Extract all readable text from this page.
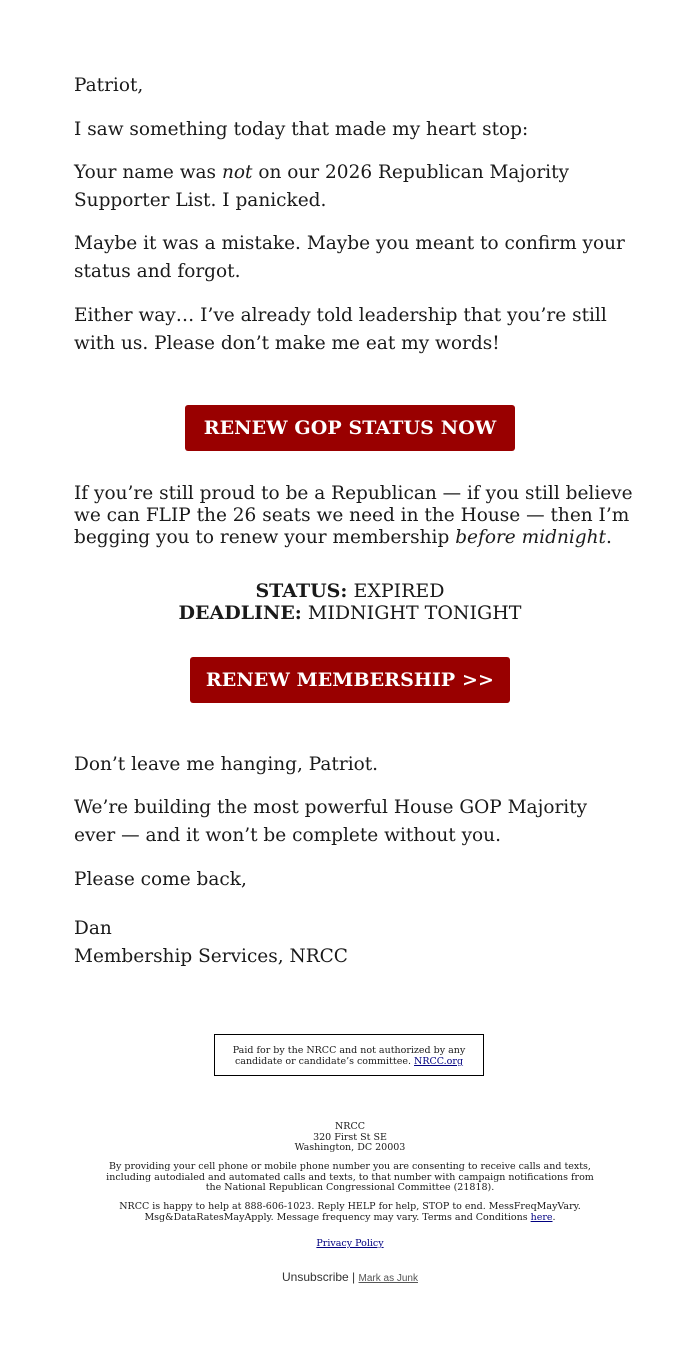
Patriot,

I saw something today that made my heart stop:

Your name was not on our 2026 Republican Majority Supporter List. I panicked.

Maybe it was a mistake. Maybe you meant to confirm your status and forgot.

Either way… I’ve already told leadership that you’re still with us. Please don’t make me eat my words!

RENEW GOP STATUS NOW

If you’re still proud to be a Republican — if you still believe we can FLIP the 26 seats we need in the House — then I’m begging you to renew your membership before midnight.

STATUS: EXPIRED
DEADLINE: MIDNIGHT TONIGHT
RENEW MEMBERSHIP >>

Don’t leave me hanging, Patriot.

We’re building the most powerful House GOP Majority ever — and it won’t be complete without you.

Please come back,

Dan

Membership Services, NRCC

Paid for by the NRCC and not authorized by any candidate or candidate’s committee. NRCC.org
NRCC
320 First St SE
Washington, DC 20003
By providing your cell phone or mobile phone number you are consenting to receive calls and texts, including autodialed and automated calls and texts, to that number with campaign notifications from the National Republican Congressional Committee (21818).
NRCC is happy to help at 888-606-1023. Reply HELP for help, STOP to end. MessFreqMayVary. Msg&DataRatesMayApply. Message frequency may vary. Terms and Conditions here.
Privacy Policy
Unsubscribe | Mark as Junk
